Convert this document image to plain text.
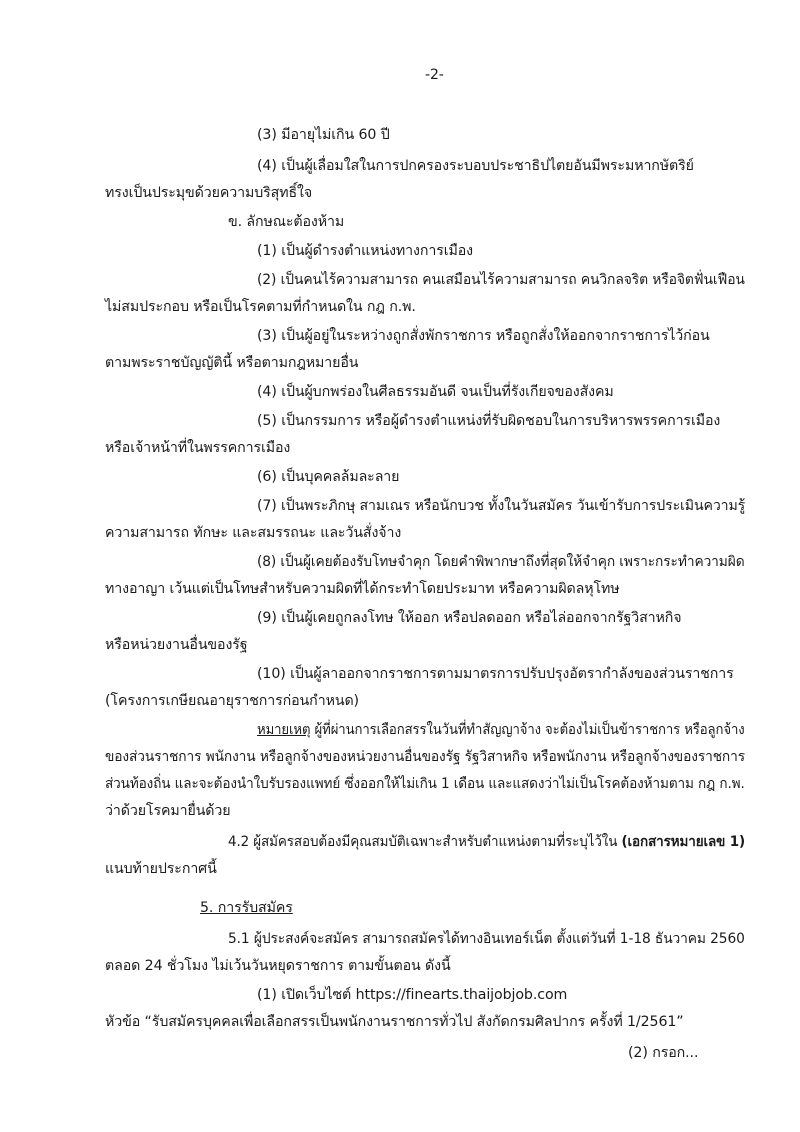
-2-
(3) มีอายุไม่เกิน 60 ปี
(4) เป็นผู้เลื่อมใสในการปกครองระบอบประชาธิปไตยอันมีพระมหากษัตริย์
ทรงเป็นประมุขด้วยความบริสุทธิ์ใจ
ข. ลักษณะต้องห้าม
(1) เป็นผู้ดำรงตำแหน่งทางการเมือง
(2) เป็นคนไร้ความสามารถ คนเสมือนไร้ความสามารถ คนวิกลจริต หรือจิตฟั่นเฟือน
ไม่สมประกอบ หรือเป็นโรคตามที่กำหนดใน กฎ ก.พ.
(3) เป็นผู้อยู่ในระหว่างถูกสั่งพักราชการ หรือถูกสั่งให้ออกจากราชการไว้ก่อน
ตามพระราชบัญญัตินี้ หรือตามกฎหมายอื่น
(4) เป็นผู้บกพร่องในศีลธรรมอันดี จนเป็นที่รังเกียจของสังคม
(5) เป็นกรรมการ หรือผู้ดำรงตำแหน่งที่รับผิดชอบในการบริหารพรรคการเมือง
หรือเจ้าหน้าที่ในพรรคการเมือง
(6) เป็นบุคคลล้มละลาย
(7) เป็นพระภิกษุ สามเณร หรือนักบวช ทั้งในวันสมัคร วันเข้ารับการประเมินความรู้
ความสามารถ ทักษะ และสมรรถนะ และวันสั่งจ้าง
(8) เป็นผู้เคยต้องรับโทษจำคุก โดยคำพิพากษาถึงที่สุดให้จำคุก เพราะกระทำความผิด
ทางอาญา เว้นแต่เป็นโทษสำหรับความผิดที่ได้กระทำโดยประมาท หรือความผิดลหุโทษ
(9) เป็นผู้เคยถูกลงโทษ ให้ออก หรือปลดออก หรือไล่ออกจากรัฐวิสาหกิจ
หรือหน่วยงานอื่นของรัฐ
(10) เป็นผู้ลาออกจากราชการตามมาตรการปรับปรุงอัตรากำลังของส่วนราชการ
(โครงการเกษียณอายุราชการก่อนกำหนด)
หมายเหตุ ผู้ที่ผ่านการเลือกสรรในวันที่ทำสัญญาจ้าง จะต้องไม่เป็นข้าราชการ หรือลูกจ้าง
ของส่วนราชการ พนักงาน หรือลูกจ้างของหน่วยงานอื่นของรัฐ รัฐวิสาหกิจ หรือพนักงาน หรือลูกจ้างของราชการ
ส่วนท้องถิ่น และจะต้องนำใบรับรองแพทย์ ซึ่งออกให้ไม่เกิน 1 เดือน และแสดงว่าไม่เป็นโรคต้องห้ามตาม กฎ ก.พ.
ว่าด้วยโรคมายื่นด้วย
4.2 ผู้สมัครสอบต้องมีคุณสมบัติเฉพาะสำหรับตำแหน่งตามที่ระบุไว้ใน (เอกสารหมายเลข 1)
แนบท้ายประกาศนี้
5. การรับสมัคร
5.1 ผู้ประสงค์จะสมัคร สามารถสมัครได้ทางอินเทอร์เน็ต ตั้งแต่วันที่ 1-18 ธันวาคม 2560
ตลอด 24 ชั่วโมง ไม่เว้นวันหยุดราชการ ตามขั้นตอน ดังนี้
(1) เปิดเว็บไซต์ https://finearts.thaijobjob.com
หัวข้อ “รับสมัครบุคคลเพื่อเลือกสรรเป็นพนักงานราชการทั่วไป สังกัดกรมศิลปากร ครั้งที่ 1/2561”
(2) กรอก...
